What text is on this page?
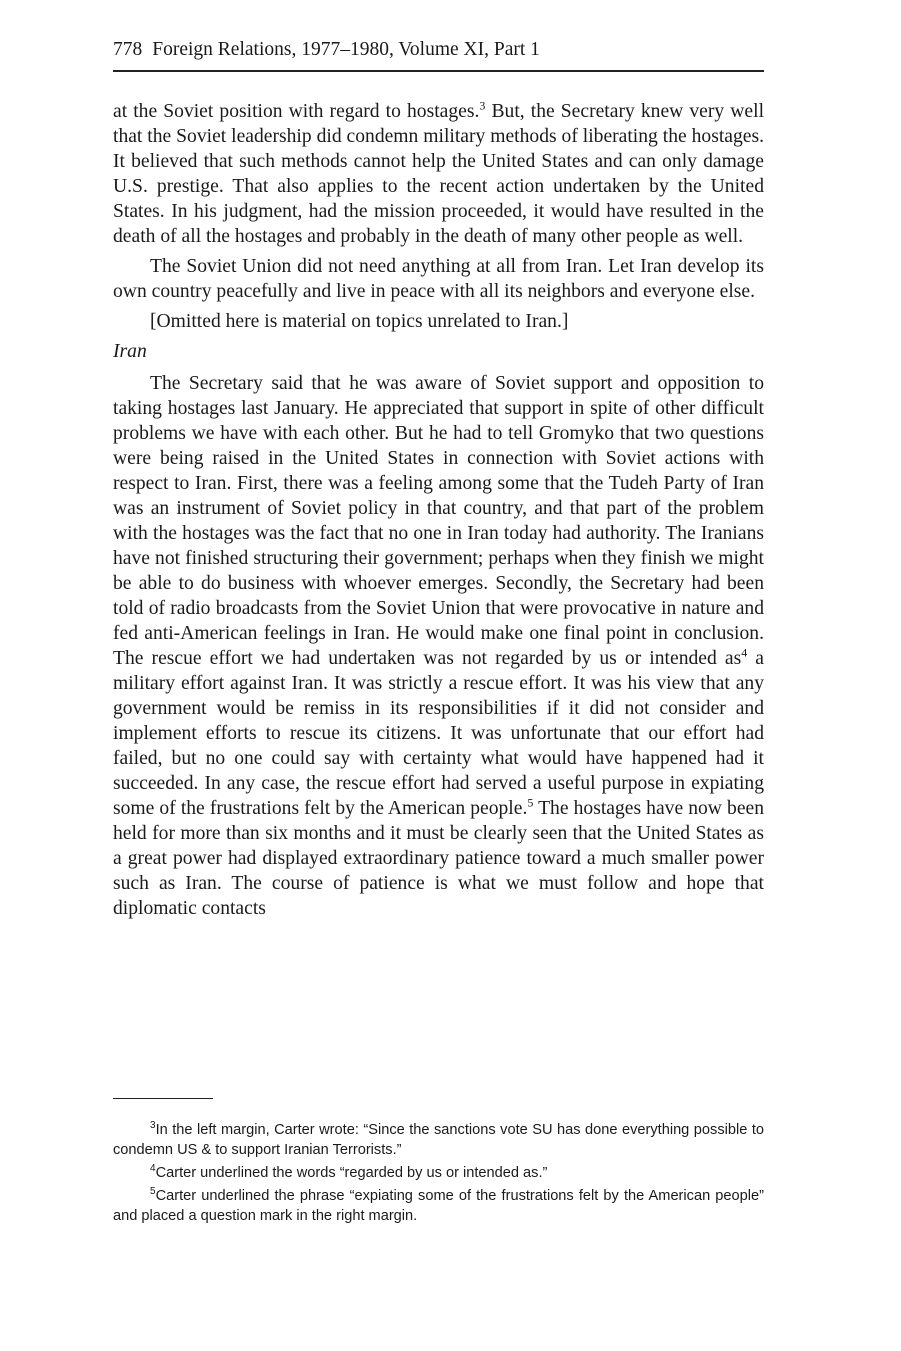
778 Foreign Relations, 1977–1980, Volume XI, Part 1

at the Soviet position with regard to hostages.$^3$ But, the Secretary knew very well that the Soviet leadership did condemn military methods of liberating the hostages. It believed that such methods cannot help the United States and can only damage U.S. prestige. That also applies to the recent action undertaken by the United States. In his judgment, had the mission proceeded, it would have resulted in the death of all the hostages and probably in the death of many other people as well.

The Soviet Union did not need anything at all from Iran. Let Iran develop its own country peacefully and live in peace with all its neighbors and everyone else.

[Omitted here is material on topics unrelated to Iran.]

Iran

The Secretary said that he was aware of Soviet support and opposition to taking hostages last January. He appreciated that support in spite of other difficult problems we have with each other. But he had to tell Gromyko that two questions were being raised in the United States in connection with Soviet actions with respect to Iran. First, there was a feeling among some that the Tudeh Party of Iran was an instrument of Soviet policy in that country, and that part of the problem with the hostages was the fact that no one in Iran today had authority. The Iranians have not finished structuring their government; perhaps when they finish we might be able to do business with whoever emerges. Secondly, the Secretary had been told of radio broadcasts from the Soviet Union that were provocative in nature and fed anti-American feelings in Iran. He would make one final point in conclusion. The rescue effort we had undertaken was not regarded by us or intended $as^4$ a military effort against Iran. It was strictly a rescue effort. It was his view that any government would be remiss in its responsibilities if it did not consider and implement efforts to rescue its citizens. It was unfortunate that our effort had failed, but no one could say with certainty what would have happened had it succeeded. In any case, the rescue effort had served a useful purpose in expiating some of the frustrations felt by the American people.$^5$ The hostages have now been held for more than six months and it must be clearly seen that the United States as a great power had displayed extraordinary patience toward a much smaller power such as Iran. The course of patience is what we must follow and hope that diplomatic contacts

$^3$In the left margin, Carter wrote: “Since the sanctions vote SU has done everything possible to condemn US & to support Iranian Terrorists.”

$^4$Carter underlined the words “regarded by us or intended as.”

$^5$Carter underlined the phrase “expiating some of the frustrations felt by the American people” and placed a question mark in the right margin.
